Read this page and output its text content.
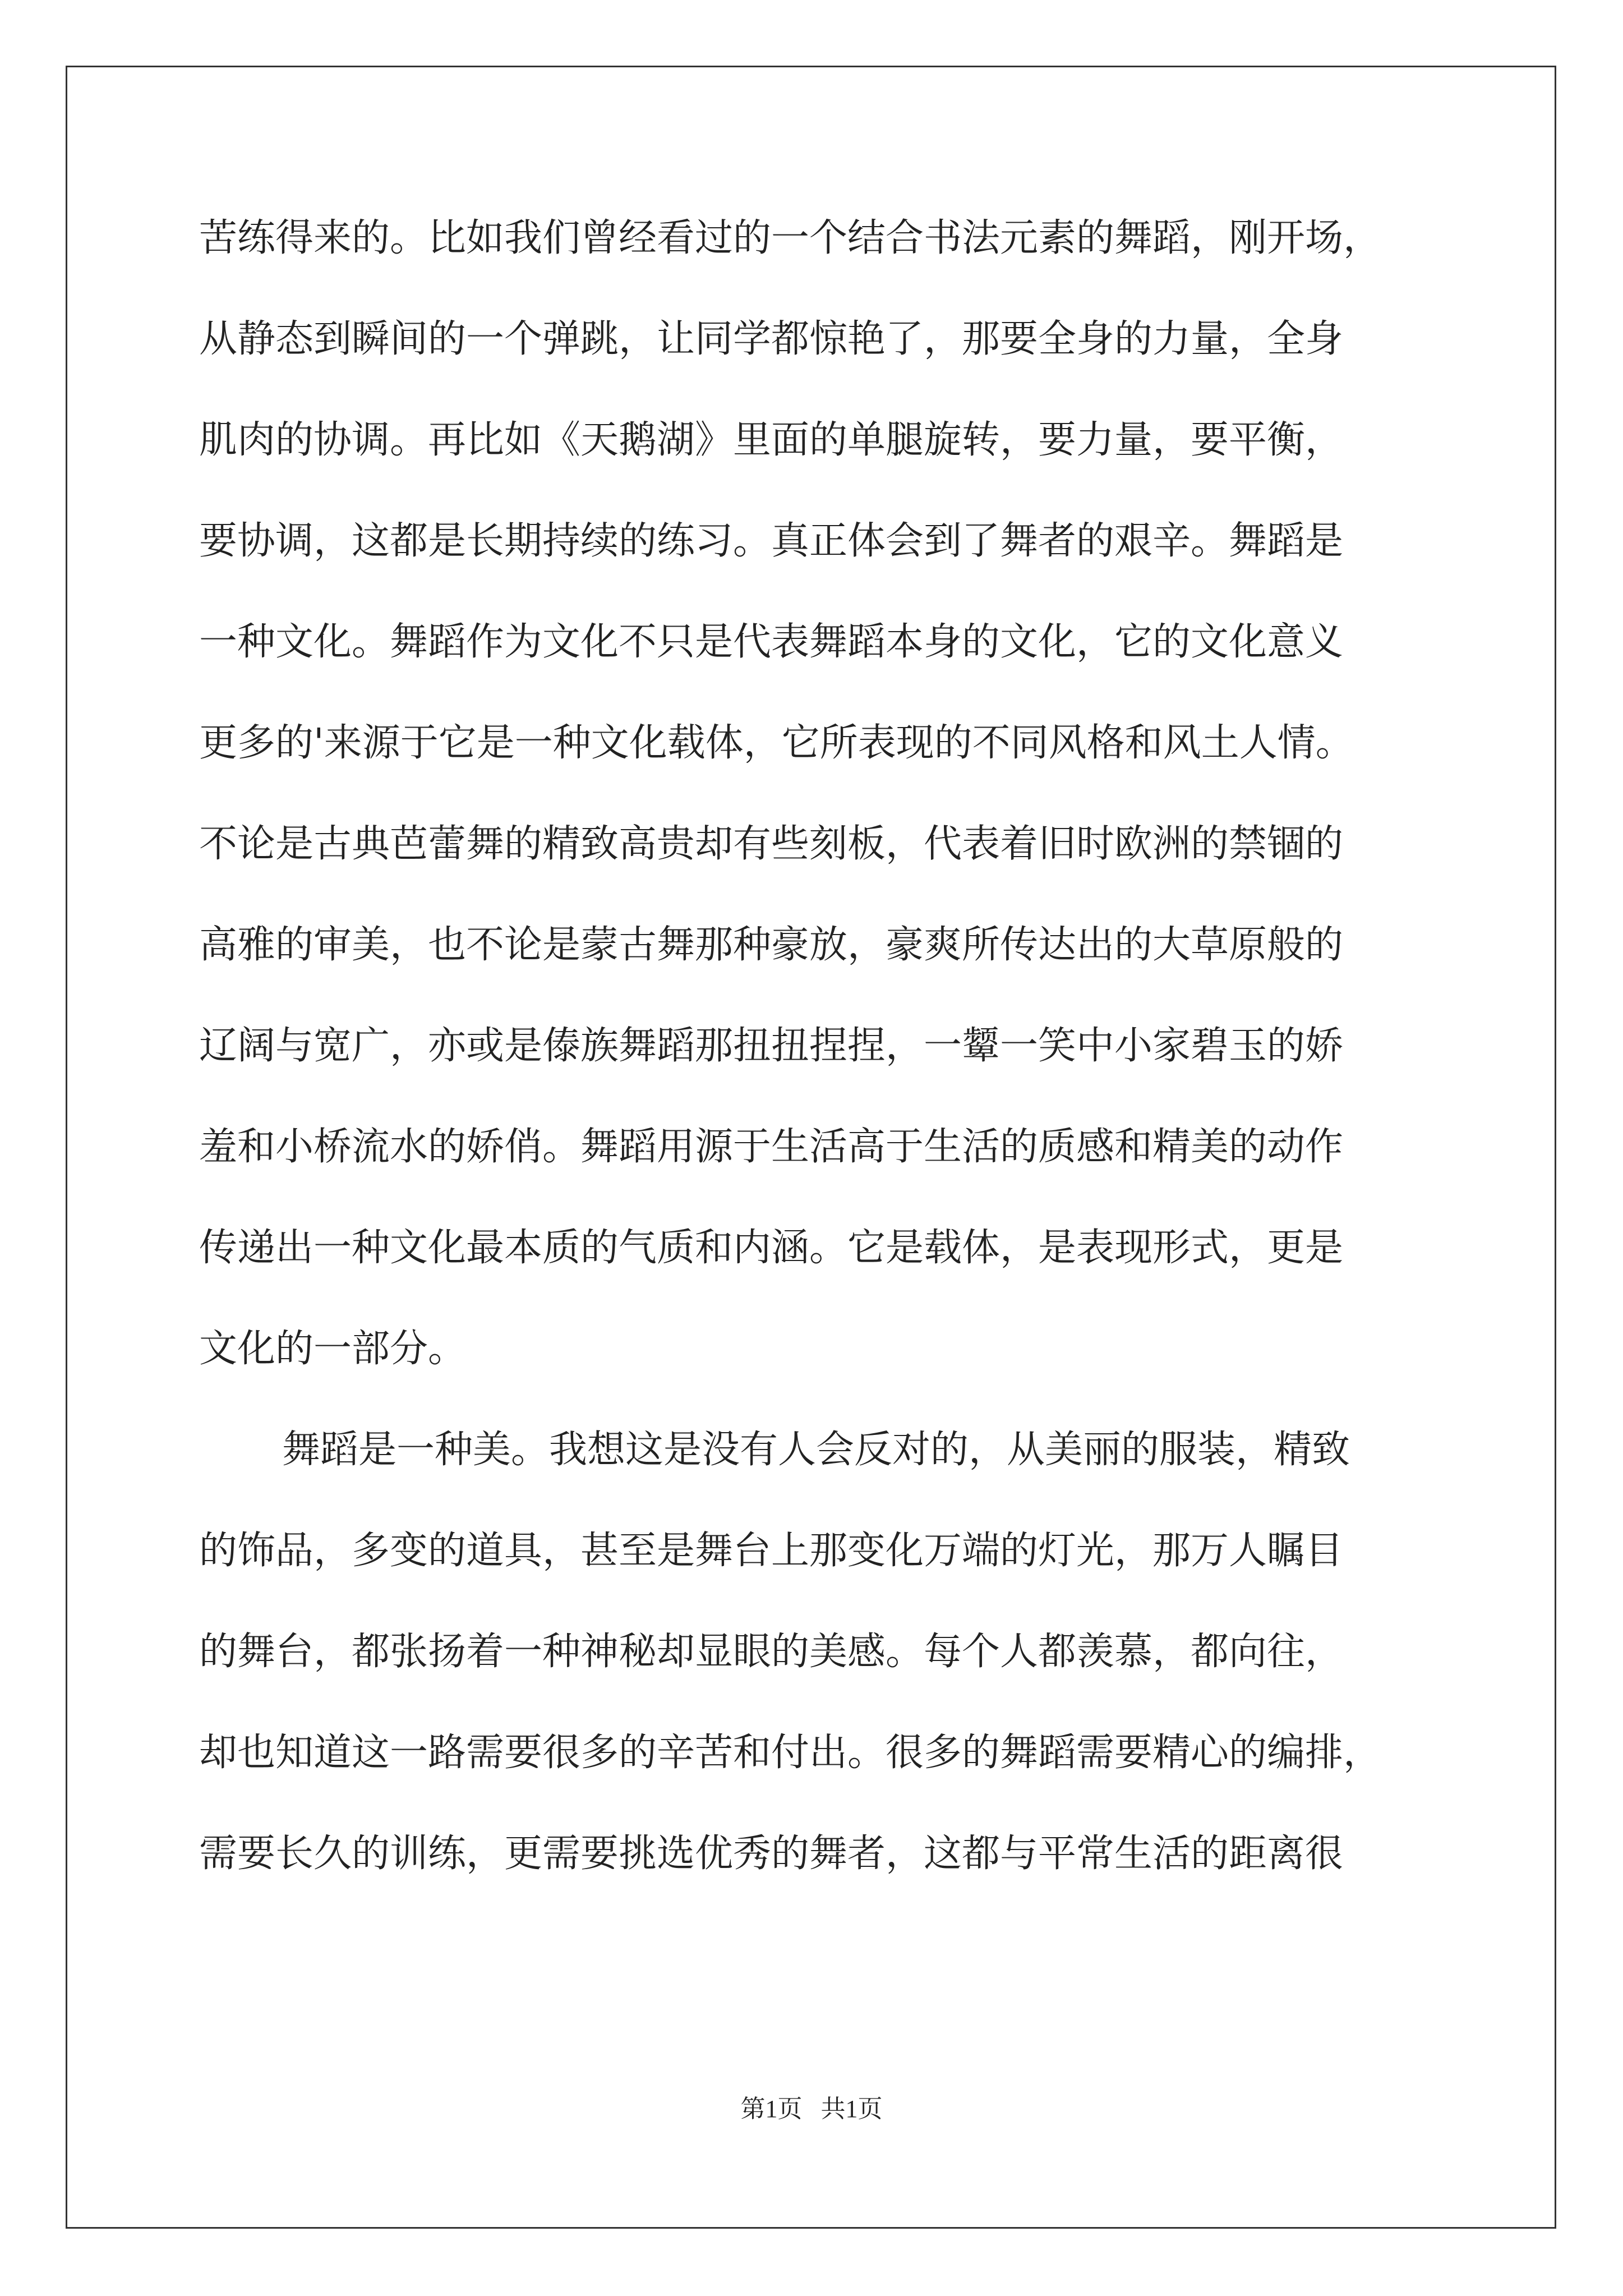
苦练得来的。比如我们曾经看过的一个结合书法元素的舞蹈，刚开场，
从静态到瞬间的一个弹跳，让同学都惊艳了，那要全身的力量，全身
肌肉的协调。再比如《天鹅湖》里面的单腿旋转，要力量，要平衡，
要协调，这都是长期持续的练习。真正体会到了舞者的艰辛。舞蹈是
一种文化。舞蹈作为文化不只是代表舞蹈本身的文化，它的文化意义
更多的'来源于它是一种文化载体，它所表现的不同风格和风土人情。
不论是古典芭蕾舞的精致高贵却有些刻板，代表着旧时欧洲的禁锢的
高雅的审美，也不论是蒙古舞那种豪放，豪爽所传达出的大草原般的
辽阔与宽广，亦或是傣族舞蹈那扭扭捏捏，一颦一笑中小家碧玉的娇
羞和小桥流水的娇俏。舞蹈用源于生活高于生活的质感和精美的动作
传递出一种文化最本质的气质和内涵。它是载体，是表现形式，更是
文化的一部分。
舞蹈是一种美。我想这是没有人会反对的，从美丽的服装，精致
的饰品，多变的道具，甚至是舞台上那变化万端的灯光，那万人瞩目
的舞台，都张扬着一种神秘却显眼的美感。每个人都羡慕，都向往，
却也知道这一路需要很多的辛苦和付出。很多的舞蹈需要精心的编排，
需要长久的训练，更需要挑选优秀的舞者，这都与平常生活的距离很
第1页   共1页
